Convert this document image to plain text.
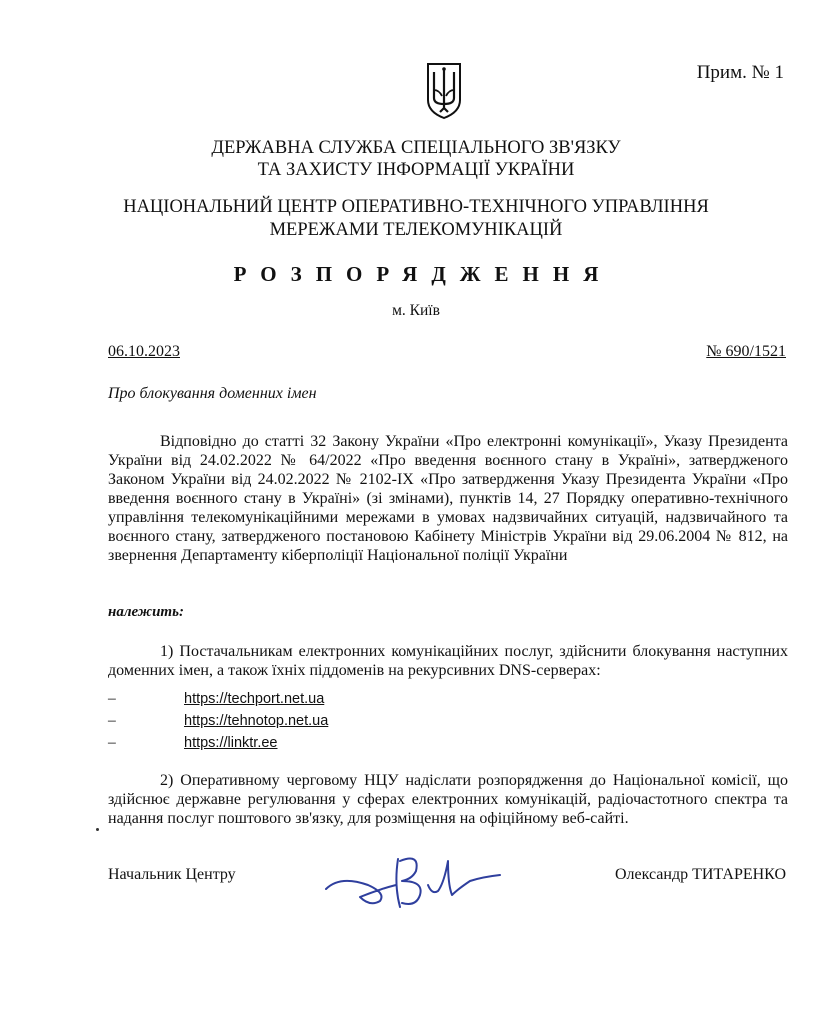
Прим. № 1
ДЕРЖАВНА СЛУЖБА СПЕЦІАЛЬНОГО ЗВ'ЯЗКУ
ТА ЗАХИСТУ ІНФОРМАЦІЇ УКРАЇНИ
НАЦІОНАЛЬНИЙ ЦЕНТР ОПЕРАТИВНО-ТЕХНІЧНОГО УПРАВЛІННЯ
МЕРЕЖАМИ ТЕЛЕКОМУНІКАЦІЙ
РОЗПОРЯДЖЕННЯ
м. Київ
06.10.2023	№ 690/1521
Про блокування доменних імен
Відповідно до статті 32 Закону України «Про електронні комунікації», Указу Президента України від 24.02.2022 № 64/2022 «Про введення воєнного стану в Україні», затвердженого Законом України від 24.02.2022 № 2102-IX «Про затвердження Указу Президента України «Про введення воєнного стану в Україні» (зі змінами), пунктів 14, 27 Порядку оперативно-технічного управління телекомунікаційними мережами в умовах надзвичайних ситуацій, надзвичайного та воєнного стану, затвердженого постановою Кабінету Міністрів України від 29.06.2004 № 812, на звернення Департаменту кіберполіції Національної поліції України
належить:
1) Постачальникам електронних комунікаційних послуг, здійснити блокування наступних доменних імен, а також їхніх піддоменів на рекурсивних DNS-серверах:
–	https://techport.net.ua
–	https://tehnotop.net.ua
–	https://linktr.ee
2) Оперативному черговому НЦУ надіслати розпорядження до Національної комісії, що здійснює державне регулювання у сферах електронних комунікацій, радіочастотного спектра та надання послуг поштового зв'язку, для розміщення на офіційному веб-сайті.
Начальник Центру	Олександр ТИТАРЕНКО
